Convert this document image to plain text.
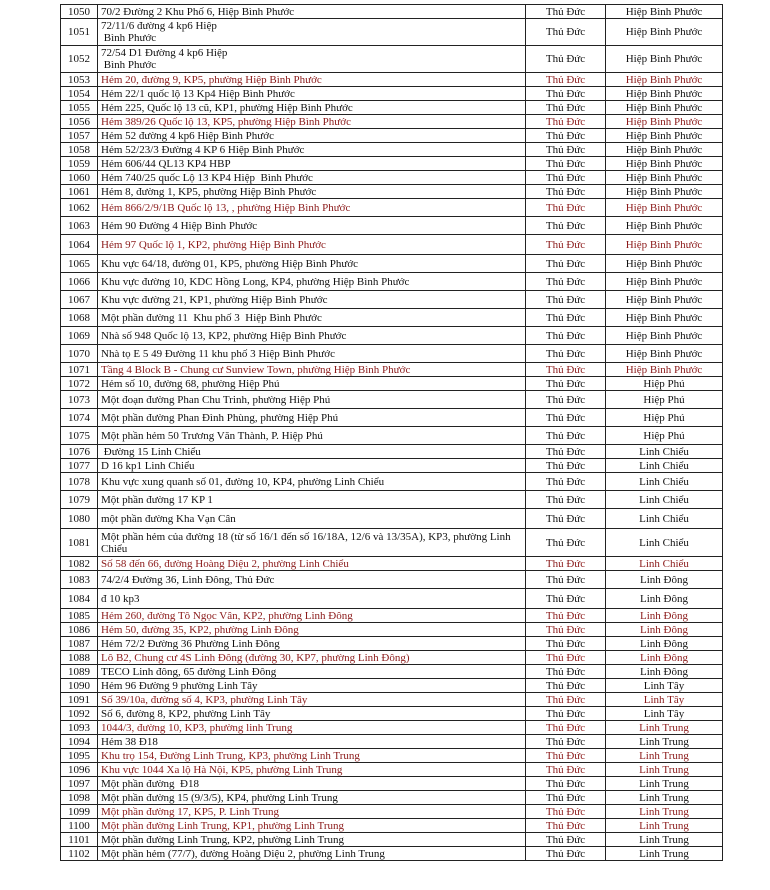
1050	70/2 Đường 2 Khu Phố 6, Hiệp Bình Phước	Thủ Đức	Hiệp Bình Phước
1051	72/11/6 đường 4 kp6 Hiệp
Bình Phước	Thủ Đức	Hiệp Bình Phước
1052	72/54 D1 Đường 4 kp6 Hiệp
Bình Phước	Thủ Đức	Hiệp Bình Phước
1053	Hẻm 20, đường 9, KP5, phường Hiệp Bình Phước	Thủ Đức	Hiệp Bình Phước
1054	Hẻm 22/1 quốc lộ 13 Kp4 Hiệp Bình Phước	Thủ Đức	Hiệp Bình Phước
1055	Hẻm 225, Quốc lộ 13 cũ, KP1, phường Hiệp Bình Phước	Thủ Đức	Hiệp Bình Phước
1056	Hẻm 389/26 Quốc lộ 13, KP5, phường Hiệp Bình Phước	Thủ Đức	Hiệp Bình Phước
1057	Hẻm 52 đường 4 kp6 Hiệp Bình Phước	Thủ Đức	Hiệp Bình Phước
1058	Hẻm 52/23/3 Đường 4 KP 6 Hiệp Bình Phước	Thủ Đức	Hiệp Bình Phước
1059	Hẻm 606/44 QL13 KP4 HBP	Thủ Đức	Hiệp Bình Phước
1060	Hẻm 740/25 quốc Lộ 13 KP4 Hiệp  Bình Phước	Thủ Đức	Hiệp Bình Phước
1061	Hẻm 8, đường 1, KP5, phường Hiệp Bình Phước	Thủ Đức	Hiệp Bình Phước
1062	Hẻm 866/2/9/1B Quốc lộ 13, , phường Hiệp Bình Phước	Thủ Đức	Hiệp Bình Phước
1063	Hẻm 90 Đường 4 Hiệp Bình Phước	Thủ Đức	Hiệp Bình Phước
1064	Hẻm 97 Quốc lộ 1, KP2, phường Hiệp Bình Phước	Thủ Đức	Hiệp Bình Phước
1065	Khu vực 64/18, đường 01, KP5, phường Hiệp Bình Phước	Thủ Đức	Hiệp Bình Phước
1066	Khu vực đường 10, KDC Hồng Long, KP4, phường Hiệp Bình Phước	Thủ Đức	Hiệp Bình Phước
1067	Khu vực đường 21, KP1, phường Hiệp Bình Phước	Thủ Đức	Hiệp Bình Phước
1068	Một phần đường 11  Khu phố 3  Hiệp Bình Phước	Thủ Đức	Hiệp Bình Phước
1069	Nhà số 948 Quốc lộ 13, KP2, phường Hiệp Bình Phước	Thủ Đức	Hiệp Bình Phước
1070	Nhà tọ E 5 49 Đường 11 khu phố 3 Hiệp Bình Phước	Thủ Đức	Hiệp Bình Phước
1071	Tầng 4 Block B - Chung cư Sunview Town, phường Hiệp Bình Phước	Thủ Đức	Hiệp Bình Phước
1072	Hẻm số 10, đường 68, phường Hiệp Phú	Thủ Đức	Hiệp Phú
1073	Một đoạn đường Phan Chu Trinh, phường Hiệp Phú	Thủ Đức	Hiệp Phú
1074	Một phần đường Phan Đình Phùng, phường Hiệp Phú	Thủ Đức	Hiệp Phú
1075	Một phần hẻm 50 Trương Văn Thành, P. Hiệp Phú	Thủ Đức	Hiệp Phú
1076	Đường 15 Linh Chiểu	Thủ Đức	Linh Chiểu
1077	D 16 kp1 Linh Chiểu	Thủ Đức	Linh Chiểu
1078	Khu vực xung quanh số 01, đường 10, KP4, phường Linh Chiểu	Thủ Đức	Linh Chiểu
1079	Một phần đường 17 KP 1	Thủ Đức	Linh Chiểu
1080	một phần đường Kha Vạn Cân	Thủ Đức	Linh Chiểu
1081	Một phần hẻm của đường 18 (từ số 16/1 đến số 16/18A, 12/6 và 13/35A), KP3, phường Linh
Chiểu	Thủ Đức	Linh Chiểu
1082	Số 58 đến 66, đường Hoàng Diệu 2, phường Linh Chiểu	Thủ Đức	Linh Chiểu
1083	74/2/4 Đường 36, Linh Đông, Thủ Đức	Thủ Đức	Linh Đông
1084	đ 10 kp3	Thủ Đức	Linh Đông
1085	Hẻm 260, đường Tô Ngọc Vân, KP2, phường Linh Đông	Thủ Đức	Linh Đông
1086	Hẻm 50, đường 35, KP2, phường Linh Đông	Thủ Đức	Linh Đông
1087	Hẻm 72/2 Đường 36 Phường Linh Đông	Thủ Đức	Linh Đông
1088	Lô B2, Chung cư 4S Linh Đông (đường 30, KP7, phường Linh Đông)	Thủ Đức	Linh Đông
1089	TECO Linh đông, 65 đường Linh Đông	Thủ Đức	Linh Đông
1090	Hẻm 96 Đường 9 phường Linh Tây	Thủ Đức	Linh Tây
1091	Số 39/10a, đường số 4, KP3, phường Linh Tây	Thủ Đức	Linh Tây
1092	Số 6, đường 8, KP2, phường Linh Tây	Thủ Đức	Linh Tây
1093	1044/3, đường 10, KP3, phường linh Trung	Thủ Đức	Linh Trung
1094	Hẻm 38 Đ18	Thủ Đức	Linh Trung
1095	Khu trọ 154, Đường Linh Trung, KP3, phường Linh Trung	Thủ Đức	Linh Trung
1096	Khu vực 1044 Xa lộ Hà Nội, KP5, phường Linh Trung	Thủ Đức	Linh Trung
1097	Một phần đường  Đ18	Thủ Đức	Linh Trung
1098	Một phần đường 15 (9/3/5), KP4, phường Linh Trung	Thủ Đức	Linh Trung
1099	Một phần đường 17, KP5, P. Linh Trung	Thủ Đức	Linh Trung
1100	Một phần đường Linh Trung, KP1, phường Linh Trung	Thủ Đức	Linh Trung
1101	Một phần đường Linh Trung, KP2, phường Linh Trung	Thủ Đức	Linh Trung
1102	Một phần hẻm (77/7), đường Hoàng Diệu 2, phường Linh Trung	Thủ Đức	Linh Trung
